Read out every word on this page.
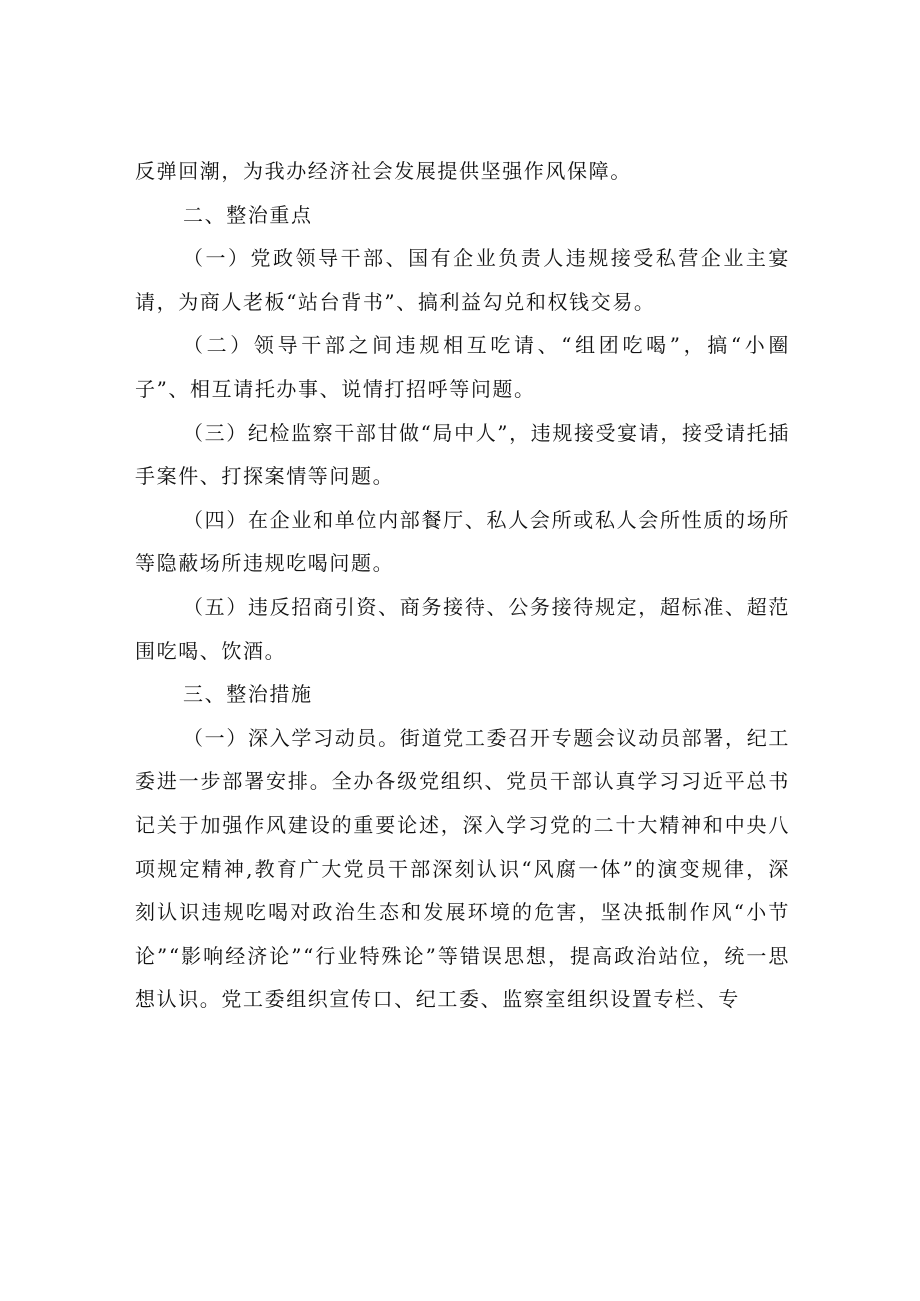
反弹回潮，为我办经济社会发展提供坚强作风保障。

二、整治重点

（一）党政领导干部、国有企业负责人违规接受私营企业主宴请，为商人老板“站台背书”、搞利益勾兑和权钱交易。

（二）领导干部之间违规相互吃请、“组团吃喝”，搞“小圈子”、相互请托办事、说情打招呼等问题。

（三）纪检监察干部甘做“局中人”，违规接受宴请，接受请托插手案件、打探案情等问题。

（四）在企业和单位内部餐厅、私人会所或私人会所性质的场所等隐蔽场所违规吃喝问题。

（五）违反招商引资、商务接待、公务接待规定，超标准、超范围吃喝、饮酒。

三、整治措施

（一）深入学习动员。街道党工委召开专题会议动员部署，纪工委进一步部署安排。全办各级党组织、党员干部认真学习习近平总书记关于加强作风建设的重要论述，深入学习党的二十大精神和中央八项规定精神,教育广大党员干部深刻认识“风腐一体”的演变规律，深刻认识违规吃喝对政治生态和发展环境的危害，坚决抵制作风“小节论”“影响经济论”“行业特殊论”等错误思想，提高政治站位，统一思想认识。党工委组织宣传口、纪工委、监察室组织设置专栏、专
